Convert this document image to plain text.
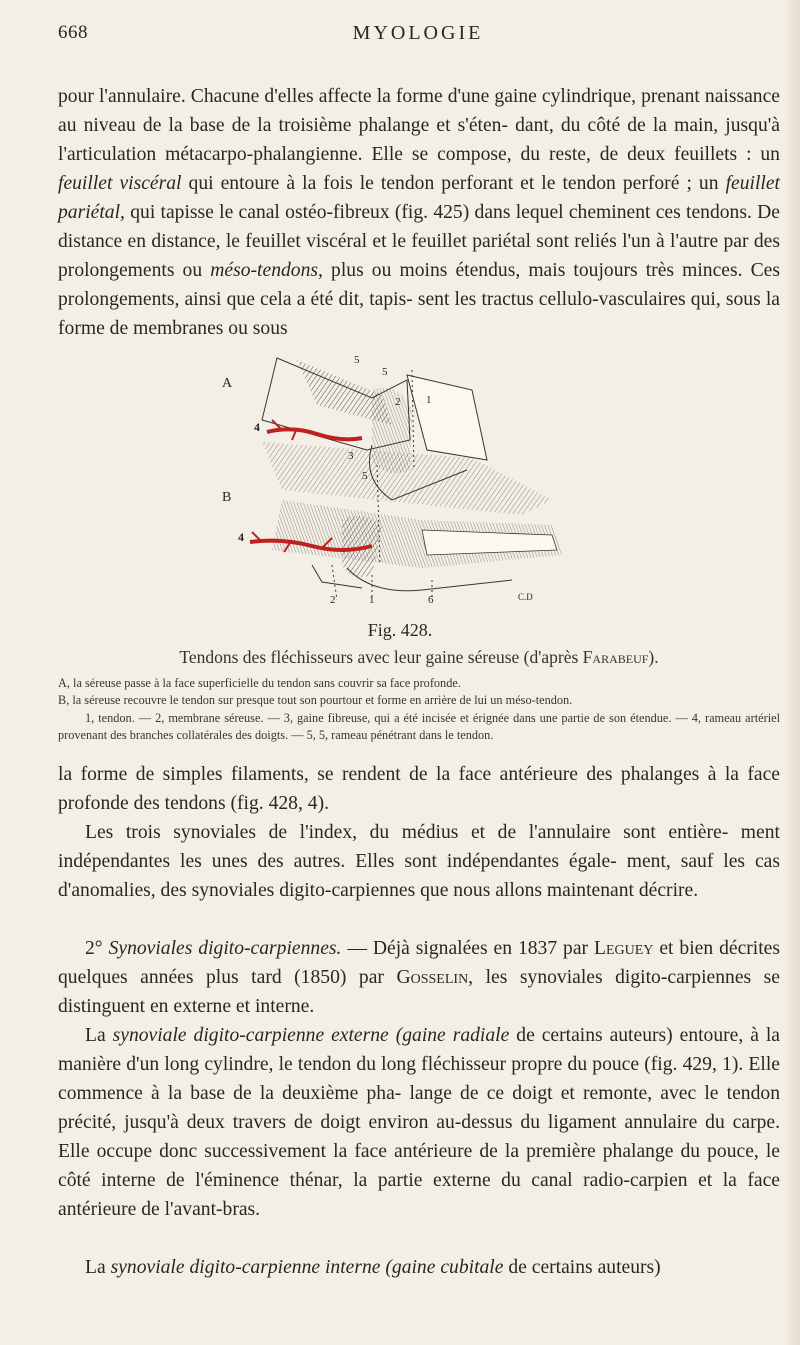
668	MYOLOGIE

pour l'annulaire. Chacune d'elles affecte la forme d'une gaine cylindrique, prenant naissance au niveau de la base de la troisième phalange et s'éten- dant, du côté de la main, jusqu'à l'articulation métacarpo-phalangienne. Elle se compose, du reste, de deux feuillets : un feuillet viscéral qui entoure à la fois le tendon perforant et le tendon perforé ; un feuillet pariétal, qui tapisse le canal ostéo-fibreux (fig. 425) dans lequel cheminent ces tendons. De distance en distance, le feuillet viscéral et le feuillet pariétal sont reliés l'un à l'autre par des prolongements ou méso-tendons, plus ou moins étendus, mais toujours très minces. Ces prolongements, ainsi que cela a été dit, tapis- sent les tractus cellulo-vasculaires qui, sous la forme de membranes ou sous

A
B
5
5
2 1
4
3
5
4
2	1	6	C.D
Fig. 428.
Tendons des fléchisseurs avec leur gaine séreuse (d'après Farabeuf).

A, la séreuse passe à la face superficielle du tendon sans couvrir sa face profonde.

B, la séreuse recouvre le tendon sur presque tout son pourtour et forme en arrière de lui un méso-tendon.

1, tendon. — 2, membrane séreuse. — 3, gaine fibreuse, qui a été incisée et érignée dans une partie de son étendue. — 4, rameau artériel provenant des branches collatérales des doigts. — 5, 5, rameau pénétrant dans le tendon.

la forme de simples filaments, se rendent de la face antérieure des phalanges à la face profonde des tendons (fig. 428, 4).

Les trois synoviales de l'index, du médius et de l'annulaire sont entière- ment indépendantes les unes des autres. Elles sont indépendantes égale- ment, sauf les cas d'anomalies, des synoviales digito-carpiennes que nous allons maintenant décrire.

2° Synoviales digito-carpiennes. — Déjà signalées en 1837 par Leguey et bien décrites quelques années plus tard (1850) par Gosselin, les synoviales digito-carpiennes se distinguent en externe et interne.

La synoviale digito-carpienne externe (gaine radiale de certains auteurs) entoure, à la manière d'un long cylindre, le tendon du long fléchisseur propre du pouce (fig. 429, 1). Elle commence à la base de la deuxième pha- lange de ce doigt et remonte, avec le tendon précité, jusqu'à deux travers de doigt environ au-dessus du ligament annulaire du carpe. Elle occupe donc successivement la face antérieure de la première phalange du pouce, le côté interne de l'éminence thénar, la partie externe du canal radio-carpien et la face antérieure de l'avant-bras.

La synoviale digito-carpienne interne (gaine cubitale de certains auteurs)
